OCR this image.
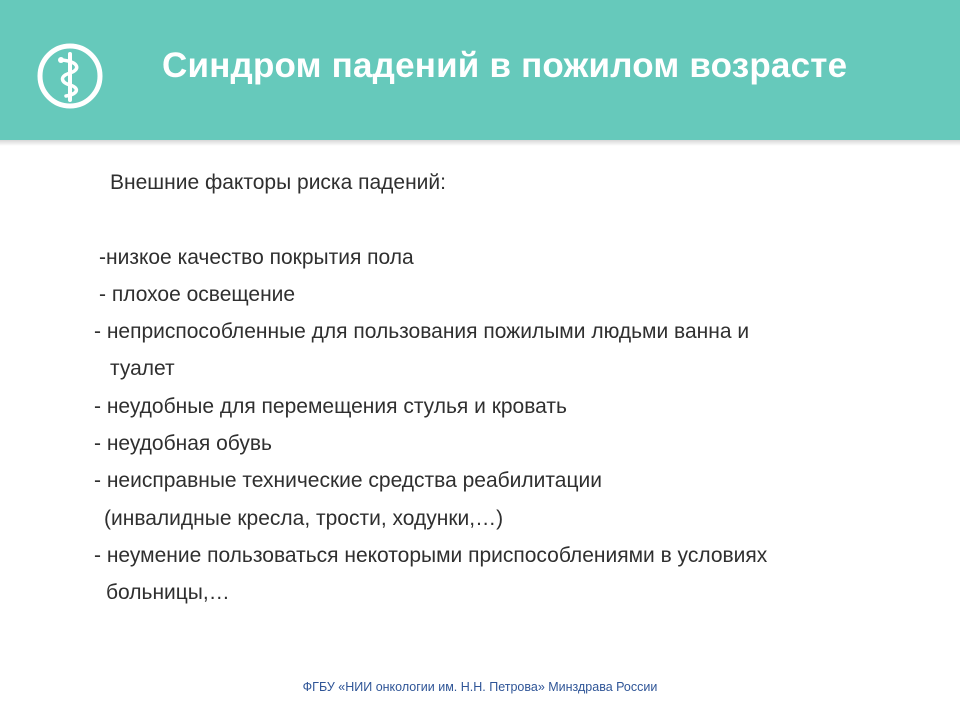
Синдром падений в пожилом возрасте
Внешние факторы риска падений:
-низкое качество покрытия пола
- плохое освещение
- неприспособленные для пользования пожилыми людьми ванна и
туалет
- неудобные для перемещения стулья и кровать
- неудобная обувь
- неисправные технические средства реабилитации
(инвалидные кресла, трости, ходунки,…)
- неумение пользоваться некоторыми приспособлениями в условиях
больницы,…
ФГБУ «НИИ онкологии им. Н.Н. Петрова» Минздрава России
